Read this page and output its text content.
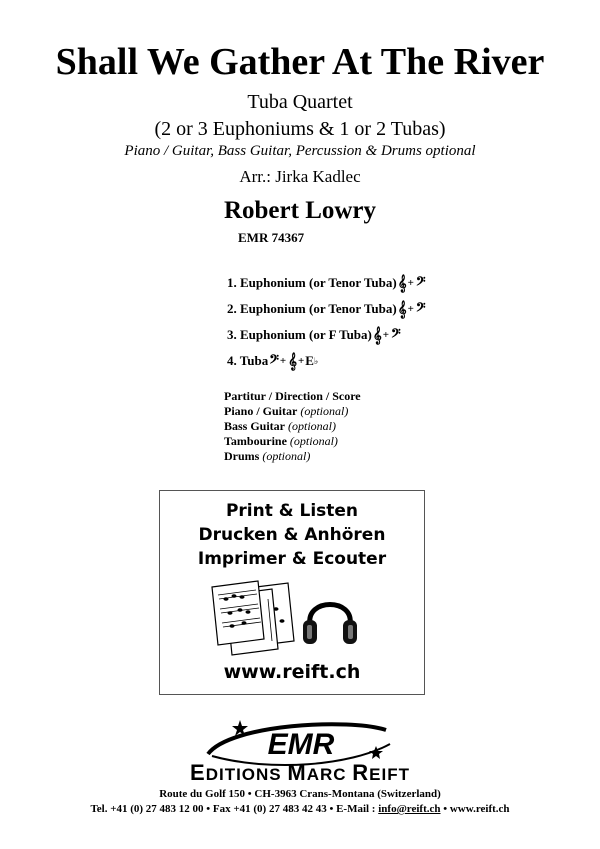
Shall We Gather At The River
Tuba Quartet
(2 or 3 Euphoniums & 1 or 2 Tubas)
Piano / Guitar, Bass Guitar, Percussion & Drums optional
Arr.: Jirka Kadlec
Robert Lowry
EMR 74367
1. Euphonium (or Tenor Tuba) 𝄞 + 𝄢
2. Euphonium (or Tenor Tuba) 𝄞 + 𝄢
3. Euphonium (or F Tuba) 𝄞 + 𝄢
4. Tuba 𝄢 + 𝄞 + E ♭
Partitur / Direction / Score
Piano / Guitar (optional)
Bass Guitar (optional)
Tambourine (optional)
Drums (optional)
Print & Listen
Drucken & Anhören
Imprimer & Ecouter
www.reift.ch
EMR
EDITIONS MARC REIFT
Route du Golf 150 • CH-3963 Crans-Montana (Switzerland)
Tel. +41 (0) 27 483 12 00 • Fax +41 (0) 27 483 42 43 • E-Mail : info@reift.ch • www.reift.ch
